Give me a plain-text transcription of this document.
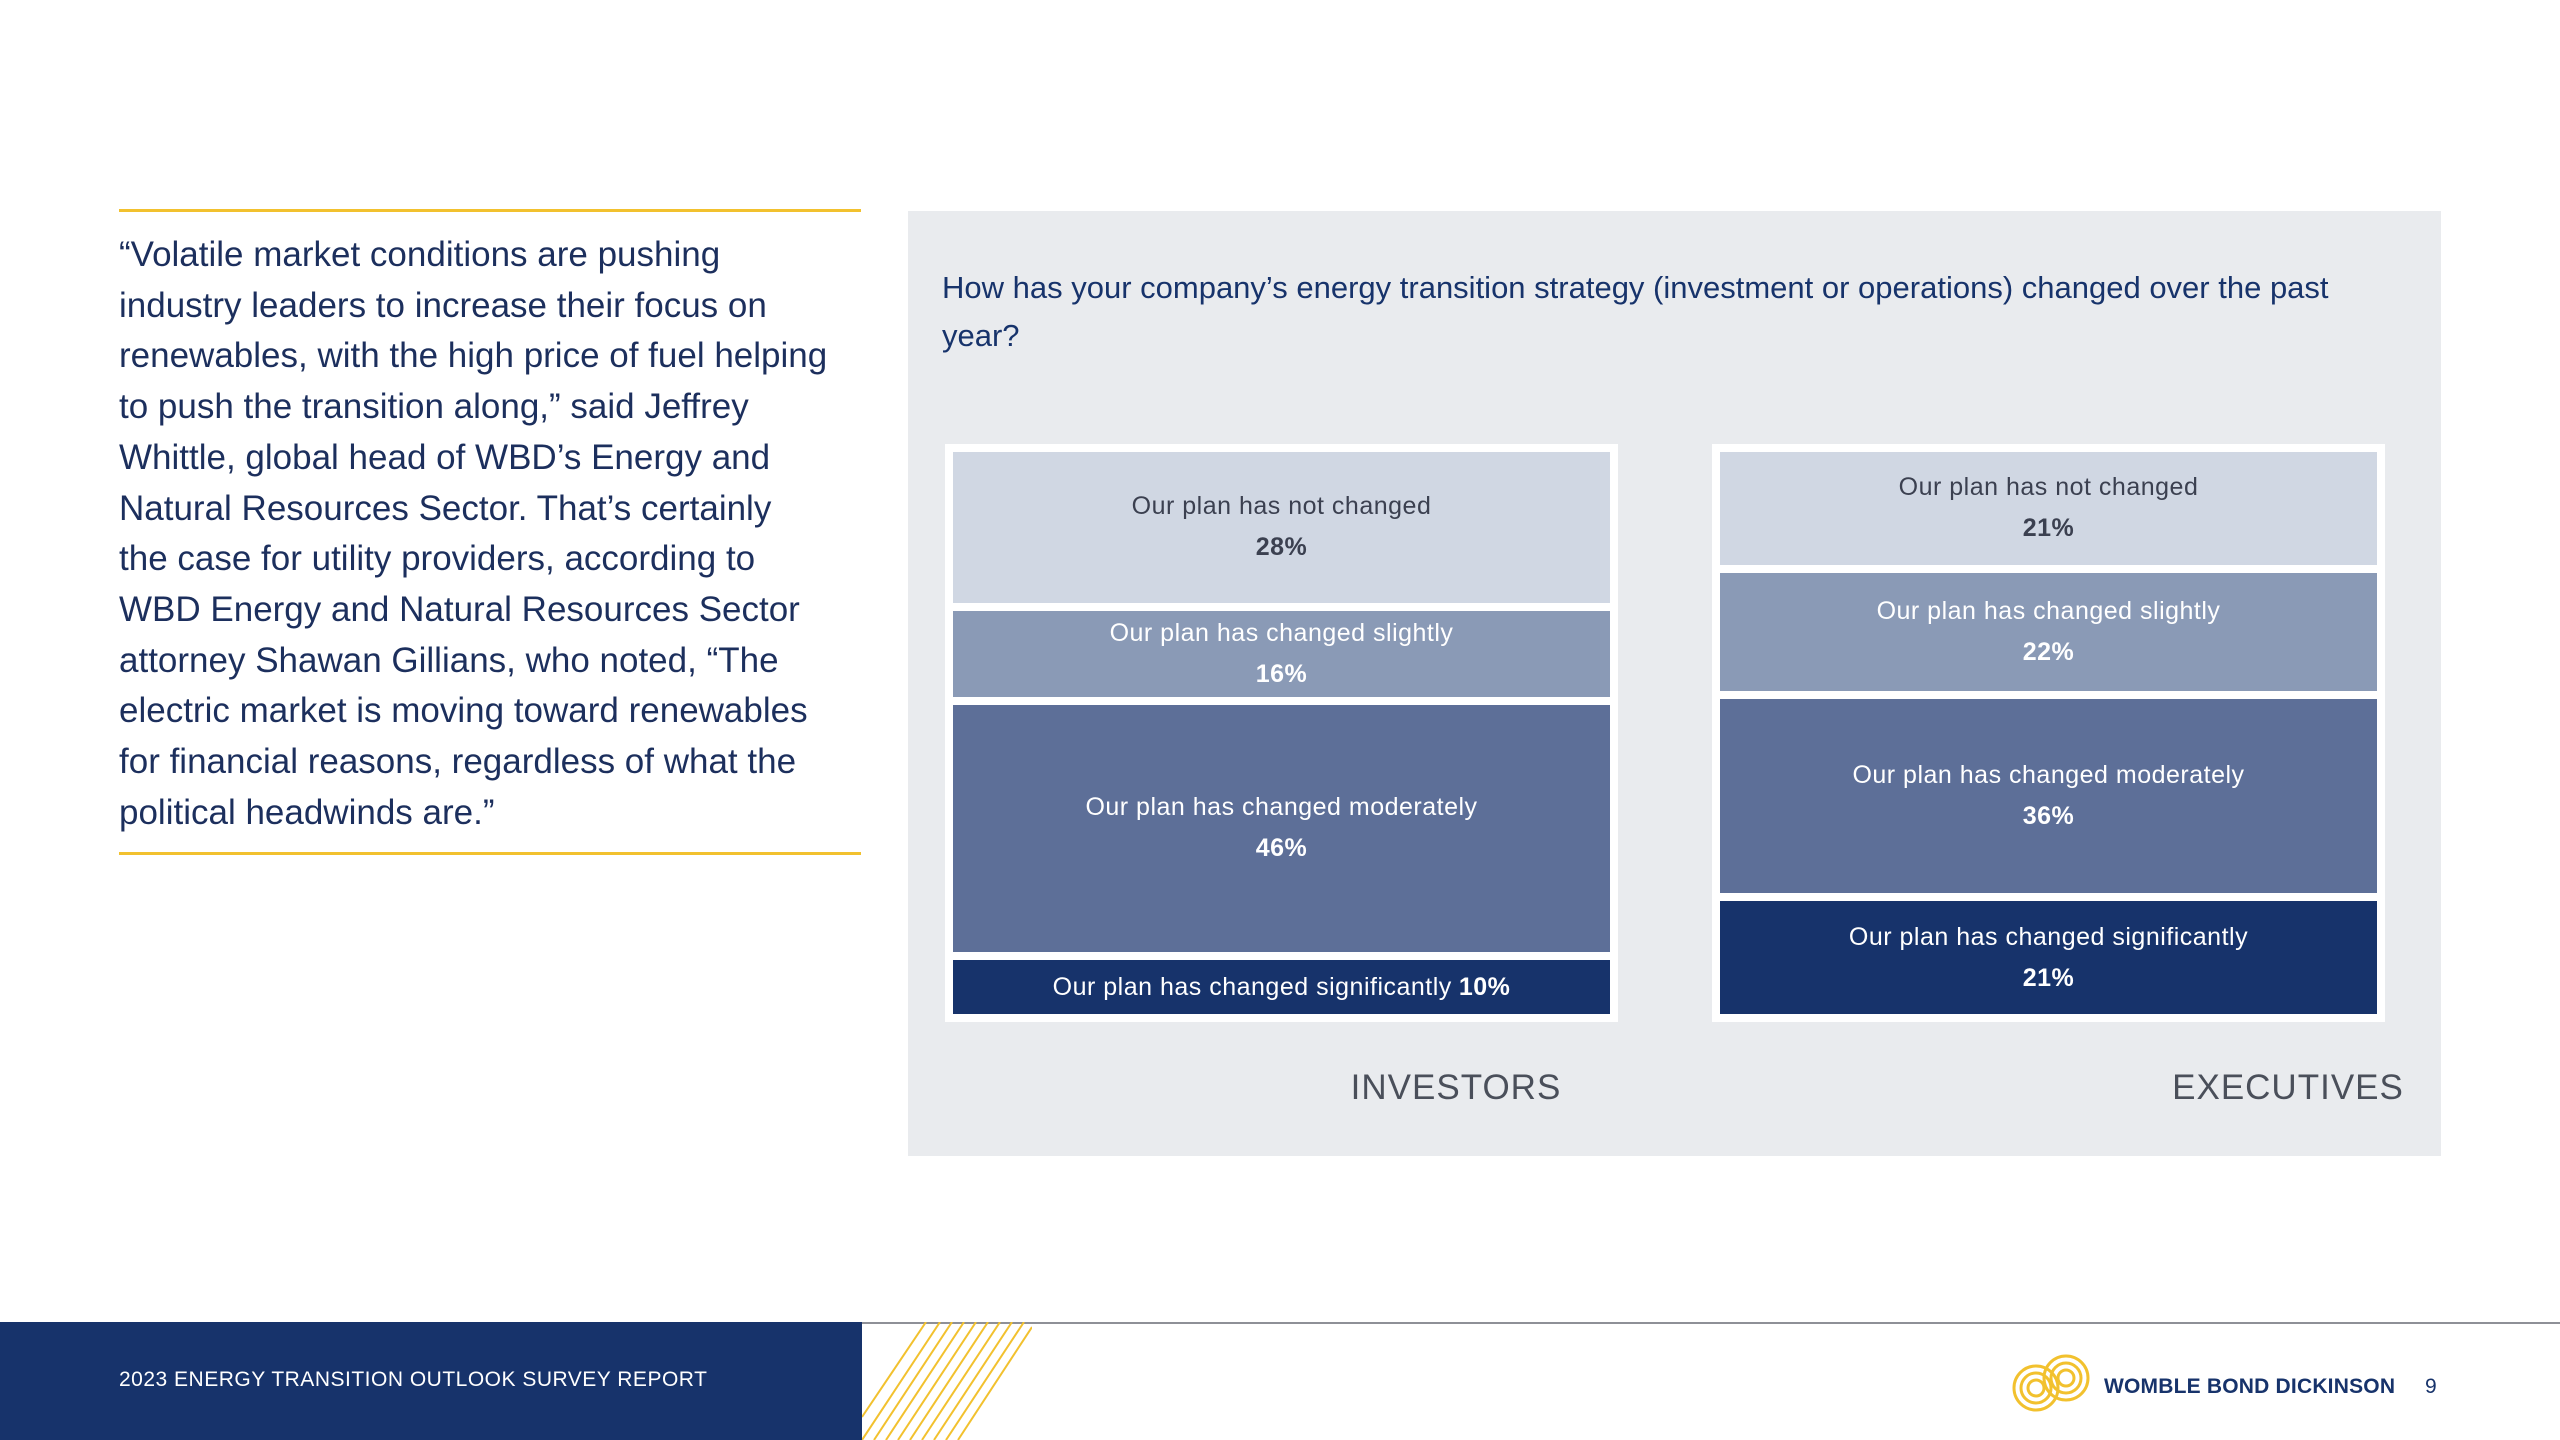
“Volatile market conditions are pushing
industry leaders to increase their focus on
renewables, with the high price of fuel helping
to push the transition along,” said Jeffrey
Whittle, global head of WBD’s Energy and
Natural Resources Sector. That’s certainly
the case for utility providers, according to
WBD Energy and Natural Resources Sector
attorney Shawan Gillians, who noted, “The
electric market is moving toward renewables
for financial reasons, regardless of what the
political headwinds are.”

How has your company’s energy transition strategy (investment or operations) changed over the past year?

Our plan has not changed
28%
Our plan has changed slightly
16%
Our plan has changed moderately
46%
Our plan has changed significantly 10%
Our plan has not changed
21%
Our plan has changed slightly
22%
Our plan has changed moderately
36%
Our plan has changed significantly
21%
INVESTORS	EXECUTIVES
2023 ENERGY TRANSITION OUTLOOK SURVEY REPORT	WOMBLE BOND DICKINSON 9
